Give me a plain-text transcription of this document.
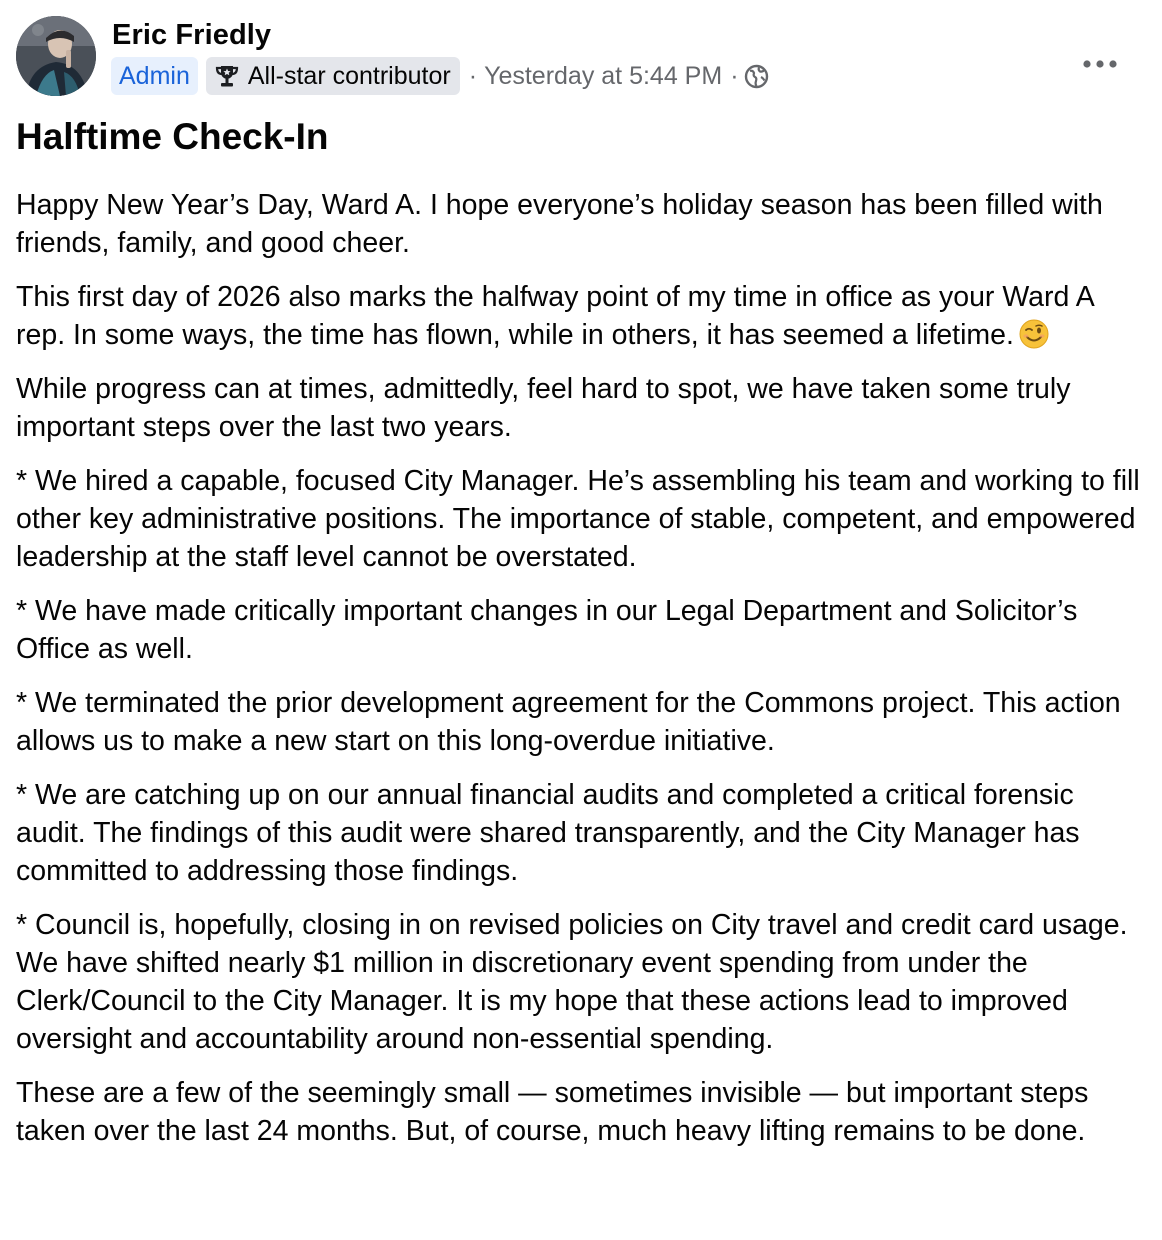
Eric Friedly
Admin	All-star contributor · Yesterday at 5:44 PM ·
Halftime Check-In

Happy New Year’s Day, Ward A. I hope everyone’s holiday season has been filled with friends, family, and good cheer.

This first day of 2026 also marks the halfway point of my time in office as your Ward A rep. In some ways, the time has flown, while in others, it has seemed a lifetime.

While progress can at times, admittedly, feel hard to spot, we have taken some truly important steps over the last two years.

* We hired a capable, focused City Manager. He’s assembling his team and working to fill other key administrative positions. The importance of stable, competent, and empowered leadership at the staff level cannot be overstated.

* We have made critically important changes in our Legal Department and Solicitor’s Office as well.

* We terminated the prior development agreement for the Commons project. This action allows us to make a new start on this long-overdue initiative.

* We are catching up on our annual financial audits and completed a critical forensic audit. The findings of this audit were shared transparently, and the City Manager has committed to addressing those findings.

* Council is, hopefully, closing in on revised policies on City travel and credit card usage. We have shifted nearly $1 million in discretionary event spending from under the Clerk/Council to the City Manager. It is my hope that these actions lead to improved oversight and accountability around non-essential spending.

These are a few of the seemingly small — sometimes invisible — but important steps taken over the last 24 months. But, of course, much heavy lifting remains to be done.
